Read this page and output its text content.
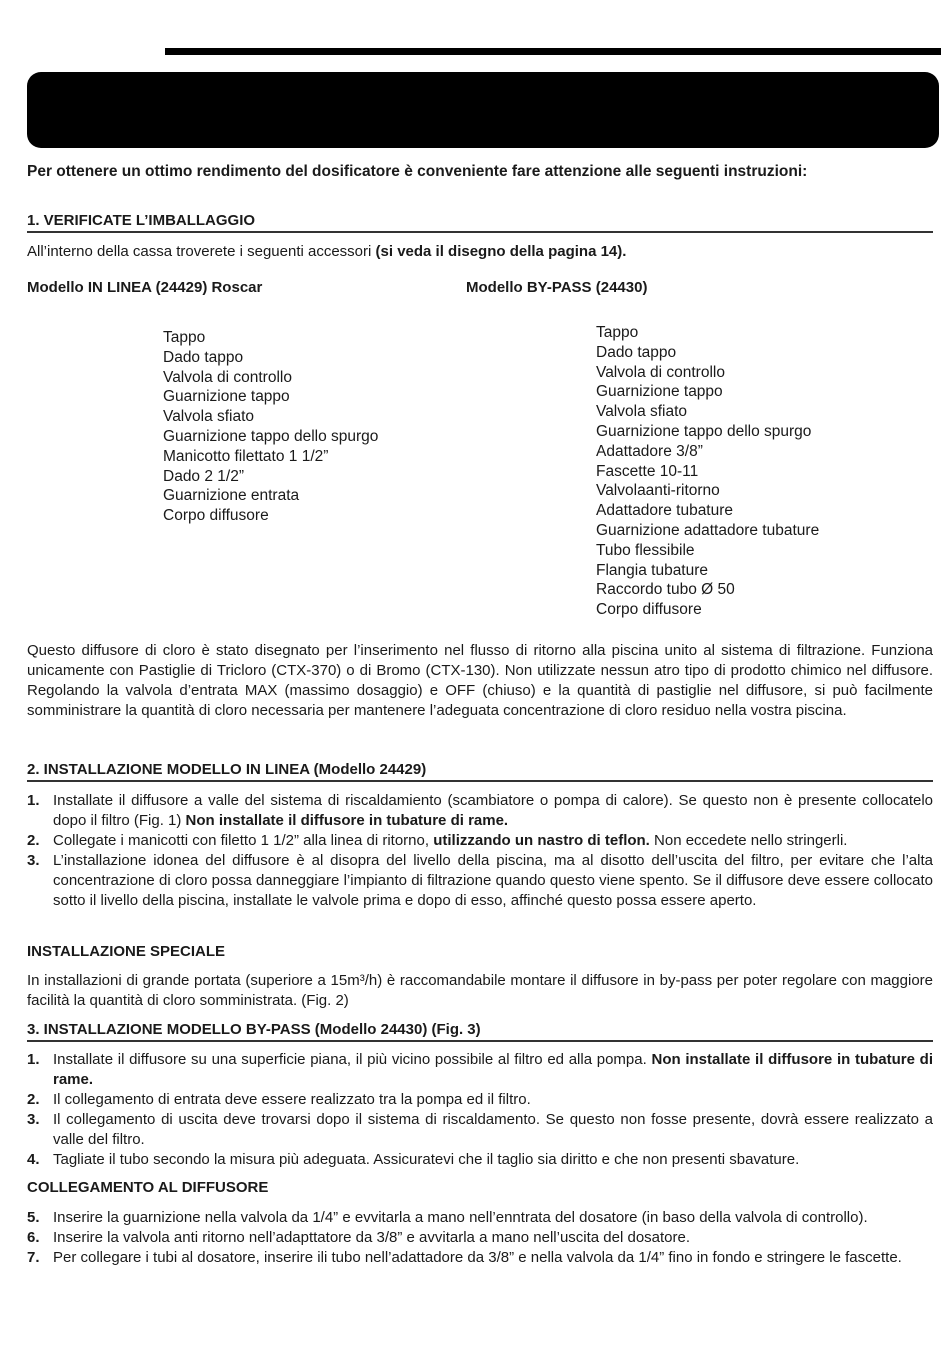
Per ottenere un ottimo rendimento del dosificatore è conveniente fare attenzione alle seguenti instruzioni:
1. VERIFICATE L’IMBALLAGGIO
All’interno della cassa troverete i seguenti accessori (si veda il disegno della pagina 14).
Modello IN LINEA (24429) Roscar	Modello BY-PASS (24430)
Tappo
Dado tappo
Valvola di controllo
Guarnizione tappo
Valvola sfiato
Guarnizione tappo dello spurgo
Manicotto filettato 1 1/2”
Dado 2 1/2”
Guarnizione entrata
Corpo diffusore
Tappo
Dado tappo
Valvola di controllo
Guarnizione tappo
Valvola sfiato
Guarnizione tappo dello spurgo
Adattadore 3/8”
Fascette 10-11
Valvolaanti-ritorno
Adattadore tubature
Guarnizione adattadore tubature
Tubo flessibile
Flangia tubature
Raccordo tubo Ø 50
Corpo diffusore
Questo diffusore di cloro è stato disegnato per l’inserimento nel flusso di ritorno alla piscina unito al sistema di filtrazione. Funziona unicamente con Pastiglie di Tricloro (CTX-370) o di Bromo (CTX-130). Non utilizzate nessun atro tipo di prodotto chimico nel diffusore. Regolando la valvola d’entrata MAX (massimo dosaggio) e OFF (chiuso) e la quantità di pastiglie nel diffusore, si può facilmente somministrare la quantità di cloro necessaria per mantenere l’adeguata concentrazione di cloro residuo nella vostra piscina.
2. INSTALLAZIONE MODELLO IN LINEA (Modello 24429)
1. Installate il diffusore a valle del sistema di riscaldamiento (scambiatore o pompa di calore). Se questo non è presente collocatelo dopo il filtro (Fig. 1) Non installate il diffusore in tubature di rame.
2. Collegate i manicotti con filetto 1 1/2” alla linea di ritorno, utilizzando un nastro di teflon. Non eccedete nello stringerli.
3. L’installazione idonea del diffusore è al disopra del livello della piscina, ma al disotto dell’uscita del filtro, per evitare che l’alta concentrazione di cloro possa danneggiare l’impianto di filtrazione quando questo viene spento. Se il diffusore deve essere collocato sotto il livello della piscina, installate le valvole prima e dopo di esso, affinché questo possa essere aperto.
INSTALLAZIONE SPECIALE
In installazioni di grande portata (superiore a 15m³/h) è raccomandabile montare il diffusore in by-pass per poter regolare con maggiore facilità la quantità di cloro somministrata. (Fig. 2)
3. INSTALLAZIONE MODELLO BY-PASS (Modello 24430) (Fig. 3)
1. Installate il diffusore su una superficie piana, il più vicino possibile al filtro ed alla pompa. Non installate il diffusore in tubature di rame.
2. Il collegamento di entrata deve essere realizzato tra la pompa ed il filtro.
3. Il collegamento di uscita deve trovarsi dopo il sistema di riscaldamento. Se questo non fosse presente, dovrà essere realizzato a valle del filtro.
4. Tagliate il tubo secondo la misura più adeguata. Assicuratevi che il taglio sia diritto e che non presenti sbavature.
COLLEGAMENTO AL DIFFUSORE
5. Inserire la guarnizione nella valvola da 1/4” e evvitarla a mano nell’enntrata del dosatore (in baso della valvola di controllo).
6. Inserire la valvola anti ritorno nell’adapttatore da 3/8” e avvitarla a mano nell’uscita del dosatore.
7. Per collegare i tubi al dosatore, inserire ili tubo nell’adattadore da 3/8” e nella valvola da 1/4” fino in fondo e stringere le fascette.
